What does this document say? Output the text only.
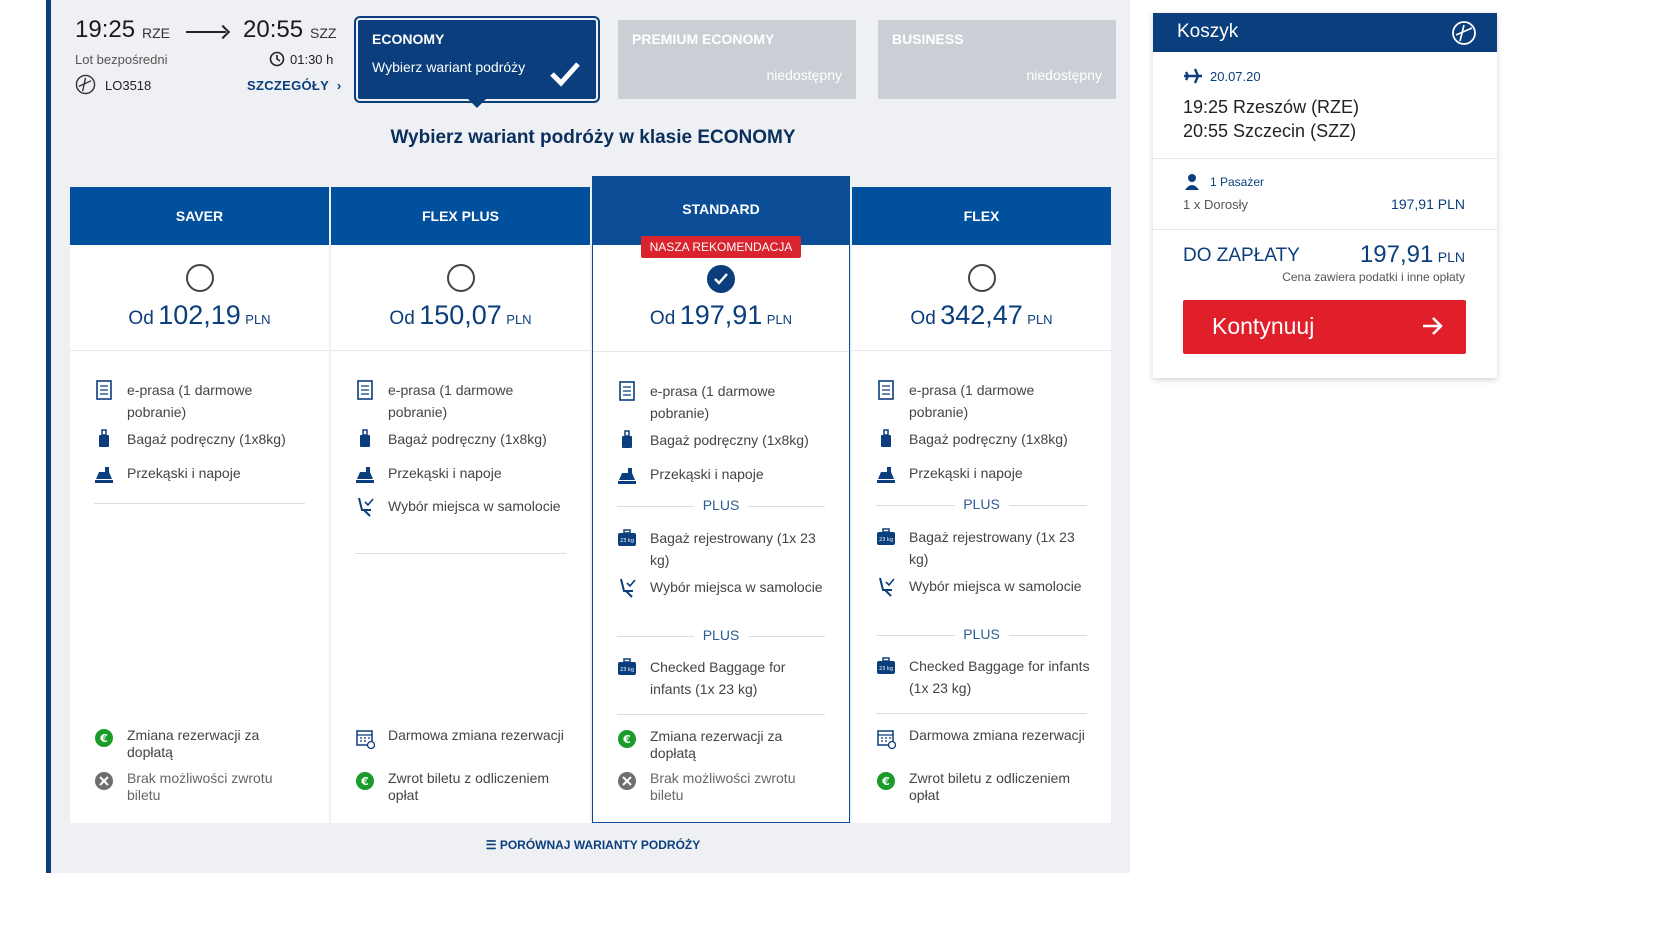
19:25 RZE	20:55 SZZ
Lot bezpośredni	01:30 h
LO3518	SZCZEGÓŁY ›
ECONOMY
Wybierz wariant podróży
PREMIUM ECONOMY
niedostępny
BUSINESS
niedostępny
Wybierz wariant podróży w klasie ECONOMY
SAVER
Od 102,19 PLN
e-prasa (1 darmowe pobranie)
Bagaż podręczny (1x8kg)
Przekąski i napoje
€	Zmiana rezerwacji za dopłatą
Brak możliwości zwrotu biletu
FLEX PLUS
Od 150,07 PLN
e-prasa (1 darmowe pobranie)
Bagaż podręczny (1x8kg)
Przekąski i napoje
Wybór miejsca w samolocie
Darmowa zmiana rezerwacji
€	Zwrot biletu z odliczeniem opłat
STANDARD
NASZA REKOMENDACJA
Od 197,91 PLN
e-prasa (1 darmowe pobranie)
Bagaż podręczny (1x8kg)
Przekąski i napoje
PLUS
23 kg	Bagaż rejestrowany (1x 23 kg)
Wybór miejsca w samolocie
PLUS
23 kg	Checked Baggage for infants (1x 23 kg)
€	Zmiana rezerwacji za dopłatą
Brak możliwości zwrotu biletu
FLEX
Od 342,47 PLN
e-prasa (1 darmowe pobranie)
Bagaż podręczny (1x8kg)
Przekąski i napoje
PLUS
23 kg	Bagaż rejestrowany (1x 23 kg)
Wybór miejsca w samolocie
PLUS
23 kg	Checked Baggage for infants (1x 23 kg)
Darmowa zmiana rezerwacji
€	Zwrot biletu z odliczeniem opłat
☰ PORÓWNAJ WARIANTY PODRÓŻY
Koszyk
20.07.20
19:25 Rzeszów (RZE)
20:55 Szczecin (SZZ)
1 Pasażer
1 x Dorosły	197,91 PLN
DO ZAPŁATY	197,91 PLN
Cena zawiera podatki i inne opłaty
Kontynuuj
